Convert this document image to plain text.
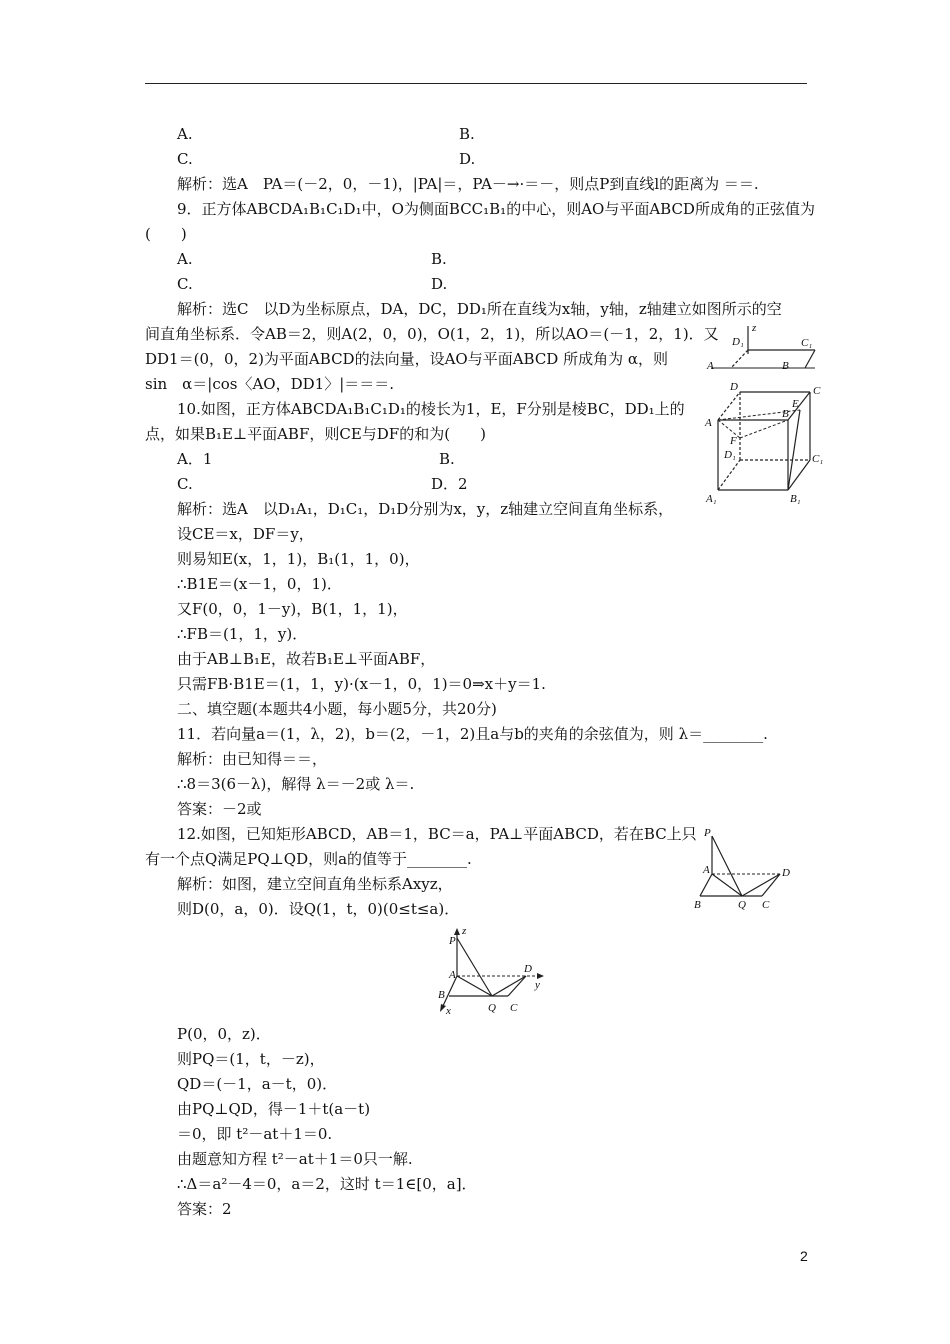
A.	B.
C.	D.
解析：选A　PA＝(－2，0，－1)，|PA|＝，PA－→·＝－，则点P到直线l的距离为 ＝＝.
9．正方体ABCDA₁B₁C₁D₁中，O为侧面BCC₁B₁的中心，则AO与平面ABCD所成角的正弦值为
(　　)
A.	B.
C.	D.
解析：选C　以D为坐标原点，DA，DC，DD₁所在直线为x轴，y轴，z轴建立如图所示的空
间直角坐标系．令AB＝2，则A(2，0，0)，O(1，2，1)，所以AO＝(－1，2，1)．又
DD1＝(0，0，2)为平面ABCD的法向量，设AO与平面ABCD 所成角为 α，则
sin　α＝|cos〈AO，DD1〉|＝＝＝.
10.如图，正方体ABCDA₁B₁C₁D₁的棱长为1，E，F分别是棱BC，DD₁上的
点，如果B₁E⊥平面ABF，则CE与DF的和为(　　)
A．1	B.
C.	D．2
解析：选A　以D₁A₁，D₁C₁，D₁D分别为x，y，z轴建立空间直角坐标系，
设CE＝x，DF＝y，
则易知E(x，1，1)，B₁(1，1，0)，
∴B1E＝(x－1，0，1)．
又F(0，0，1－y)，B(1，1，1)，
∴FB＝(1，1，y)．
由于AB⊥B₁E，故若B₁E⊥平面ABF，
只需FB·B1E＝(1，1，y)·(x－1，0，1)＝0⇒x＋y＝1.
二、填空题(本题共4小题，每小题5分，共20分)
11．若向量a＝(1，λ，2)，b＝(2，－1，2)且a与b的夹角的余弦值为，则 λ＝________.
解析：由已知得＝＝，
∴8＝3(6－λ)，解得 λ＝－2或 λ＝.
答案：－2或
12.如图，已知矩形ABCD，AB＝1，BC＝a，PA⊥平面ABCD，若在BC上只
有一个点Q满足PQ⊥QD，则a的值等于________.
解析：如图，建立空间直角坐标系Axyz，
则D(0，a，0)．设Q(1，t，0)(0≤t≤a)．
P(0，0，z)．
则PQ＝(1，t，－z)，
QD＝(－1，a－t，0)．
由PQ⊥QD，得－1＋t(a－t)
＝0，即 t²－at＋1＝0.
由题意知方程 t²－at＋1＝0只一解.
∴Δ＝a²－4＝0，a＝2，这时 t＝1∈[0，a]．
答案：2
z
D₁	C₁
A	B
D	C
A
B
E
F
D₁	C₁
A₁	B₁
P
A	D
B	Q C
P
z
A	D
y
B
x	Q C
2
